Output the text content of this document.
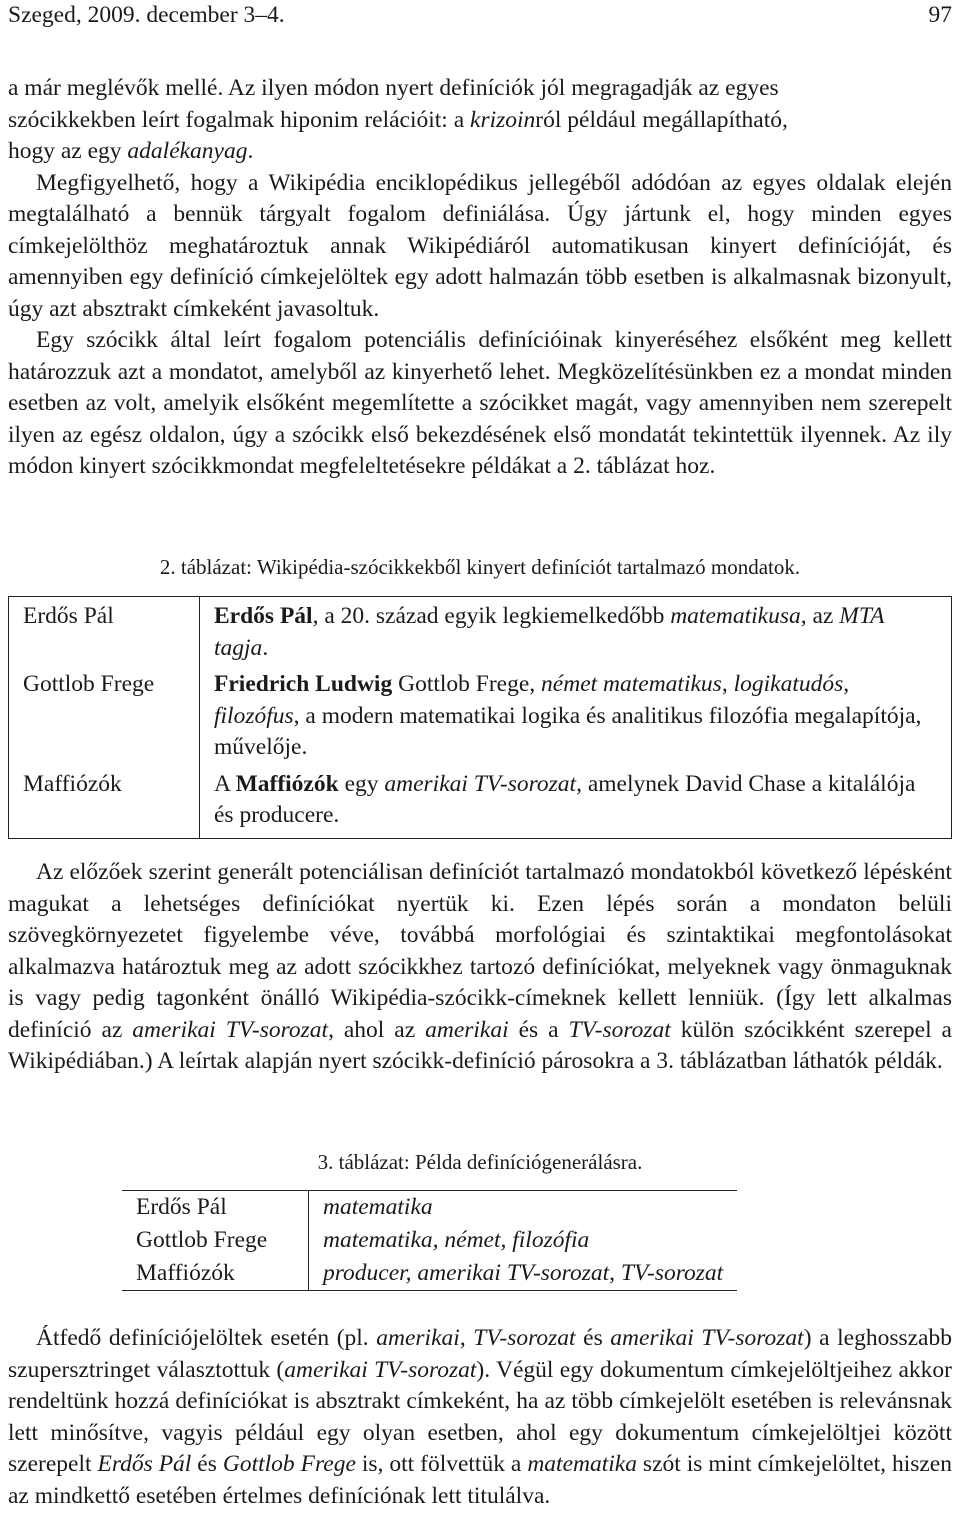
Szeged, 2009. december 3–4.	97

a már meglévők mellé. Az ilyen módon nyert definíciók jól megragadják az egyes
szócikkekben leírt fogalmak hiponim relációit: a krizoinról például megállapítható,
hogy az egy adalékanyag.

Megfigyelhető, hogy a Wikipédia enciklopédikus jellegéből adódóan az egyes oldalak elején megtalálható a bennük tárgyalt fogalom definiálása. Úgy jártunk el, hogy minden egyes címkejelölthöz meghatároztuk annak Wikipédiáról automatikusan kinyert definícióját, és amennyiben egy definíció címkejelöltek egy adott halmazán több esetben is alkalmasnak bizonyult, úgy azt absztrakt címkeként javasoltuk.

Egy szócikk által leírt fogalom potenciális definícióinak kinyeréséhez elsőként meg kellett határozzuk azt a mondatot, amelyből az kinyerhető lehet. Megközelítésünkben ez a mondat minden esetben az volt, amelyik elsőként megemlítette a szócikket magát, vagy amennyiben nem szerepelt ilyen az egész oldalon, úgy a szócikk első bekezdésének első mondatát tekintettük ilyennek. Az ily módon kinyert szócikkmondat megfeleltetésekre példákat a 2. táblázat hoz.

2. táblázat: Wikipédia-szócikkekből kinyert definíciót tartalmazó mondatok.
Erdős Pál	Erdős Pál, a 20. század egyik legkiemelkedőbb matematikusa, az MTA tagja.
Gottlob Frege	Friedrich Ludwig Gottlob Frege, német matematikus, logikatudós, filozófus, a modern matematikai logika és analitikus filozófia megalapítója, művelője.
Maffiózók	A Maffiózók egy amerikai TV-sorozat, amelynek David Chase a kitalálója és producere.

Az előzőek szerint generált potenciálisan definíciót tartalmazó mondatokból következő lépésként magukat a lehetséges definíciókat nyertük ki. Ezen lépés során a mondaton belüli szövegkörnyezetet figyelembe véve, továbbá morfológiai és szintaktikai megfontolásokat alkalmazva határoztuk meg az adott szócikkhez tartozó definíciókat, melyeknek vagy önmaguknak is vagy pedig tagonként önálló Wikipédia-szócikk-címeknek kellett lenniük. (Így lett alkalmas definíció az amerikai TV-sorozat, ahol az amerikai és a TV-sorozat külön szócikként szerepel a Wikipédiában.) A leírtak alapján nyert szócikk-definíció párosokra a 3. táblázatban láthatók példák.

3. táblázat: Példa definíciógenerálásra.
Erdős Pál	matematika
Gottlob Frege	matematika, német, filozófia
Maffiózók	producer, amerikai TV-sorozat, TV-sorozat

Átfedő definíciójelöltek esetén (pl. amerikai, TV-sorozat és amerikai TV-sorozat) a leghosszabb szupersztringet választottuk (amerikai TV-sorozat). Végül egy dokumentum címkejelöltjeihez akkor rendeltünk hozzá definíciókat is absztrakt címkeként, ha az több címkejelölt esetében is relevánsnak lett minősítve, vagyis például egy olyan esetben, ahol egy dokumentum címkejelöltjei között szerepelt Erdős Pál és Gottlob Frege is, ott fölvettük a matematika szót is mint címkejelöltet, hiszen az mindkettő esetében értelmes definíciónak lett titulálva.
